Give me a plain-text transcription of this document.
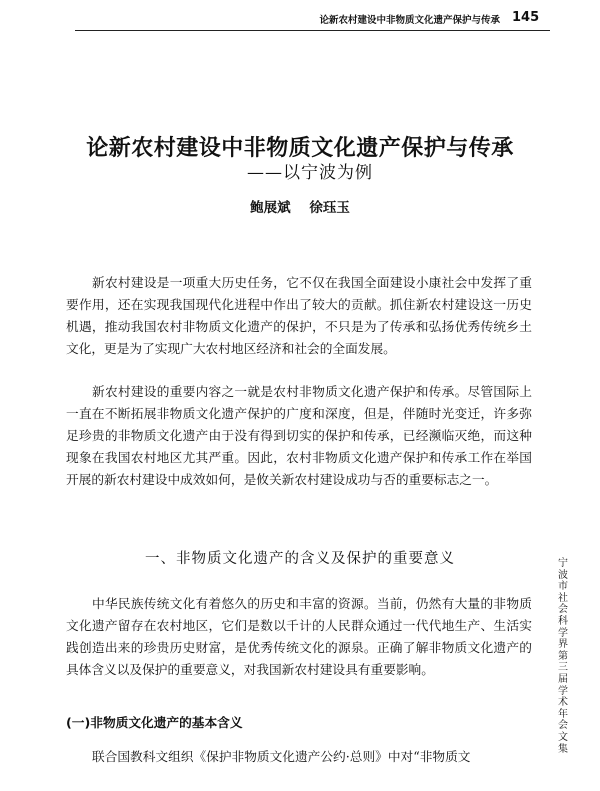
论新农村建设中非物质文化遗产保护与传承 145
论新农村建设中非物质文化遗产保护与传承
——以宁波为例
鲍展斌 徐珏玉

新农村建设是一项重大历史任务，它不仅在我国全面建设小康社会中发挥了重要作用，还在实现我国现代化进程中作出了较大的贡献。抓住新农村建设这一历史机遇，推动我国农村非物质文化遗产的保护，不只是为了传承和弘扬优秀传统乡土文化，更是为了实现广大农村地区经济和社会的全面发展。

新农村建设的重要内容之一就是农村非物质文化遗产保护和传承。尽管国际上一直在不断拓展非物质文化遗产保护的广度和深度，但是，伴随时光变迁，许多弥足珍贵的非物质文化遗产由于没有得到切实的保护和传承，已经濒临灭绝，而这种现象在我国农村地区尤其严重。因此，农村非物质文化遗产保护和传承工作在举国开展的新农村建设中成效如何，是攸关新农村建设成功与否的重要标志之一。

一、非物质文化遗产的含义及保护的重要意义

中华民族传统文化有着悠久的历史和丰富的资源。当前，仍然有大量的非物质文化遗产留存在农村地区，它们是数以千计的人民群众通过一代代地生产、生活实践创造出来的珍贵历史财富，是优秀传统文化的源泉。正确了解非物质文化遗产的具体含义以及保护的重要意义，对我国新农村建设具有重要影响。

(一)非物质文化遗产的基本含义

联合国教科文组织《保护非物质文化遗产公约·总则》中对“非物质文

宁波市社会科学界第三届学术年会文集
